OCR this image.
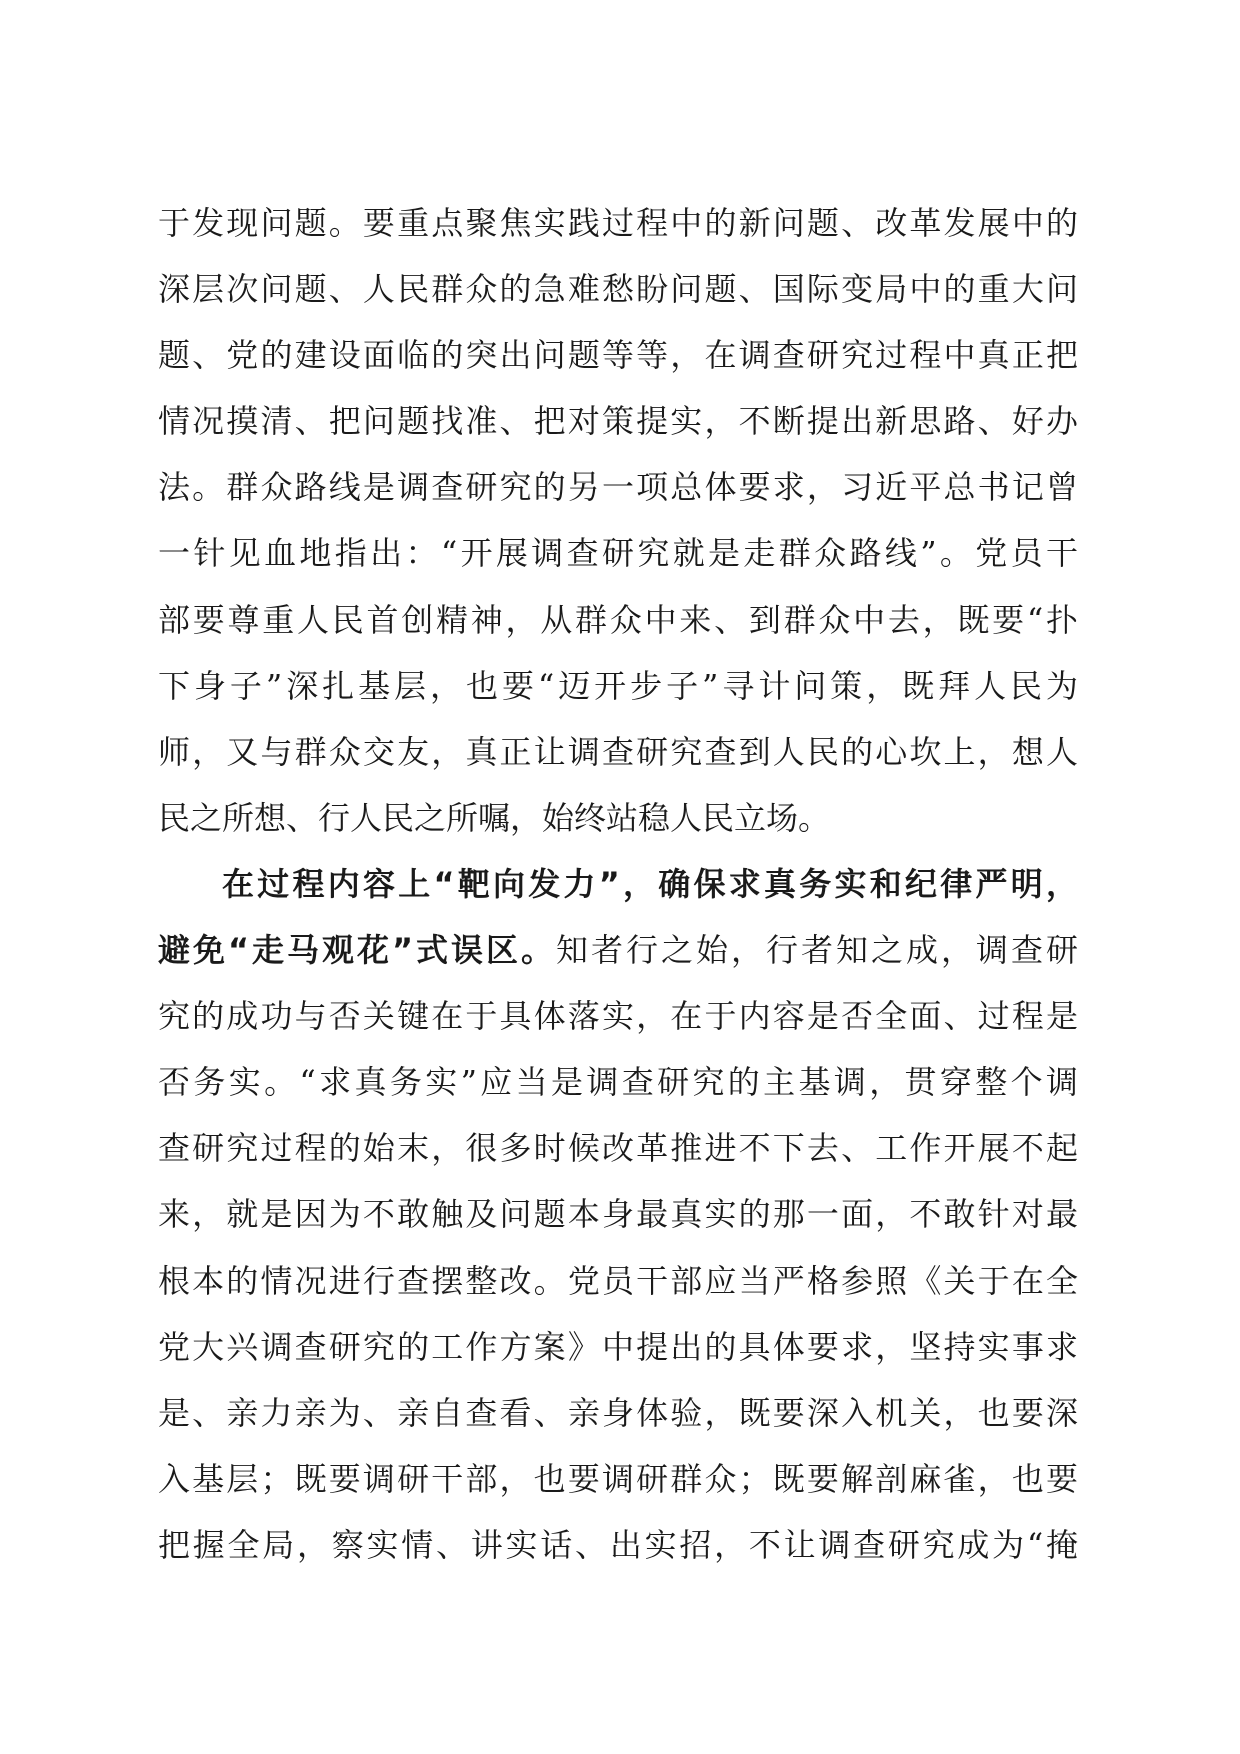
于发现问题。要重点聚焦实践过程中的新问题、改革发展中的
深层次问题、人民群众的急难愁盼问题、国际变局中的重大问
题、党的建设面临的突出问题等等，在调查研究过程中真正把
情况摸清、把问题找准、把对策提实，不断提出新思路、好办
法。群众路线是调查研究的另一项总体要求，习近平总书记曾
一针见血地指出：“开展调查研究就是走群众路线”。党员干
部要尊重人民首创精神，从群众中来、到群众中去，既要“扑
下身子”深扎基层，也要“迈开步子”寻计问策，既拜人民为
师，又与群众交友，真正让调查研究查到人民的心坎上，想人
民之所想、行人民之所嘱，始终站稳人民立场。
在过程内容上“靶向发力”，确保求真务实和纪律严明，
避免“走马观花”式误区。知者行之始，行者知之成，调查研
究的成功与否关键在于具体落实，在于内容是否全面、过程是
否务实。“求真务实”应当是调查研究的主基调，贯穿整个调
查研究过程的始末，很多时候改革推进不下去、工作开展不起
来，就是因为不敢触及问题本身最真实的那一面，不敢针对最
根本的情况进行查摆整改。党员干部应当严格参照《关于在全
党大兴调查研究的工作方案》中提出的具体要求，坚持实事求
是、亲力亲为、亲自查看、亲身体验，既要深入机关，也要深
入基层；既要调研干部，也要调研群众；既要解剖麻雀，也要
把握全局，察实情、讲实话、出实招，不让调查研究成为“掩
